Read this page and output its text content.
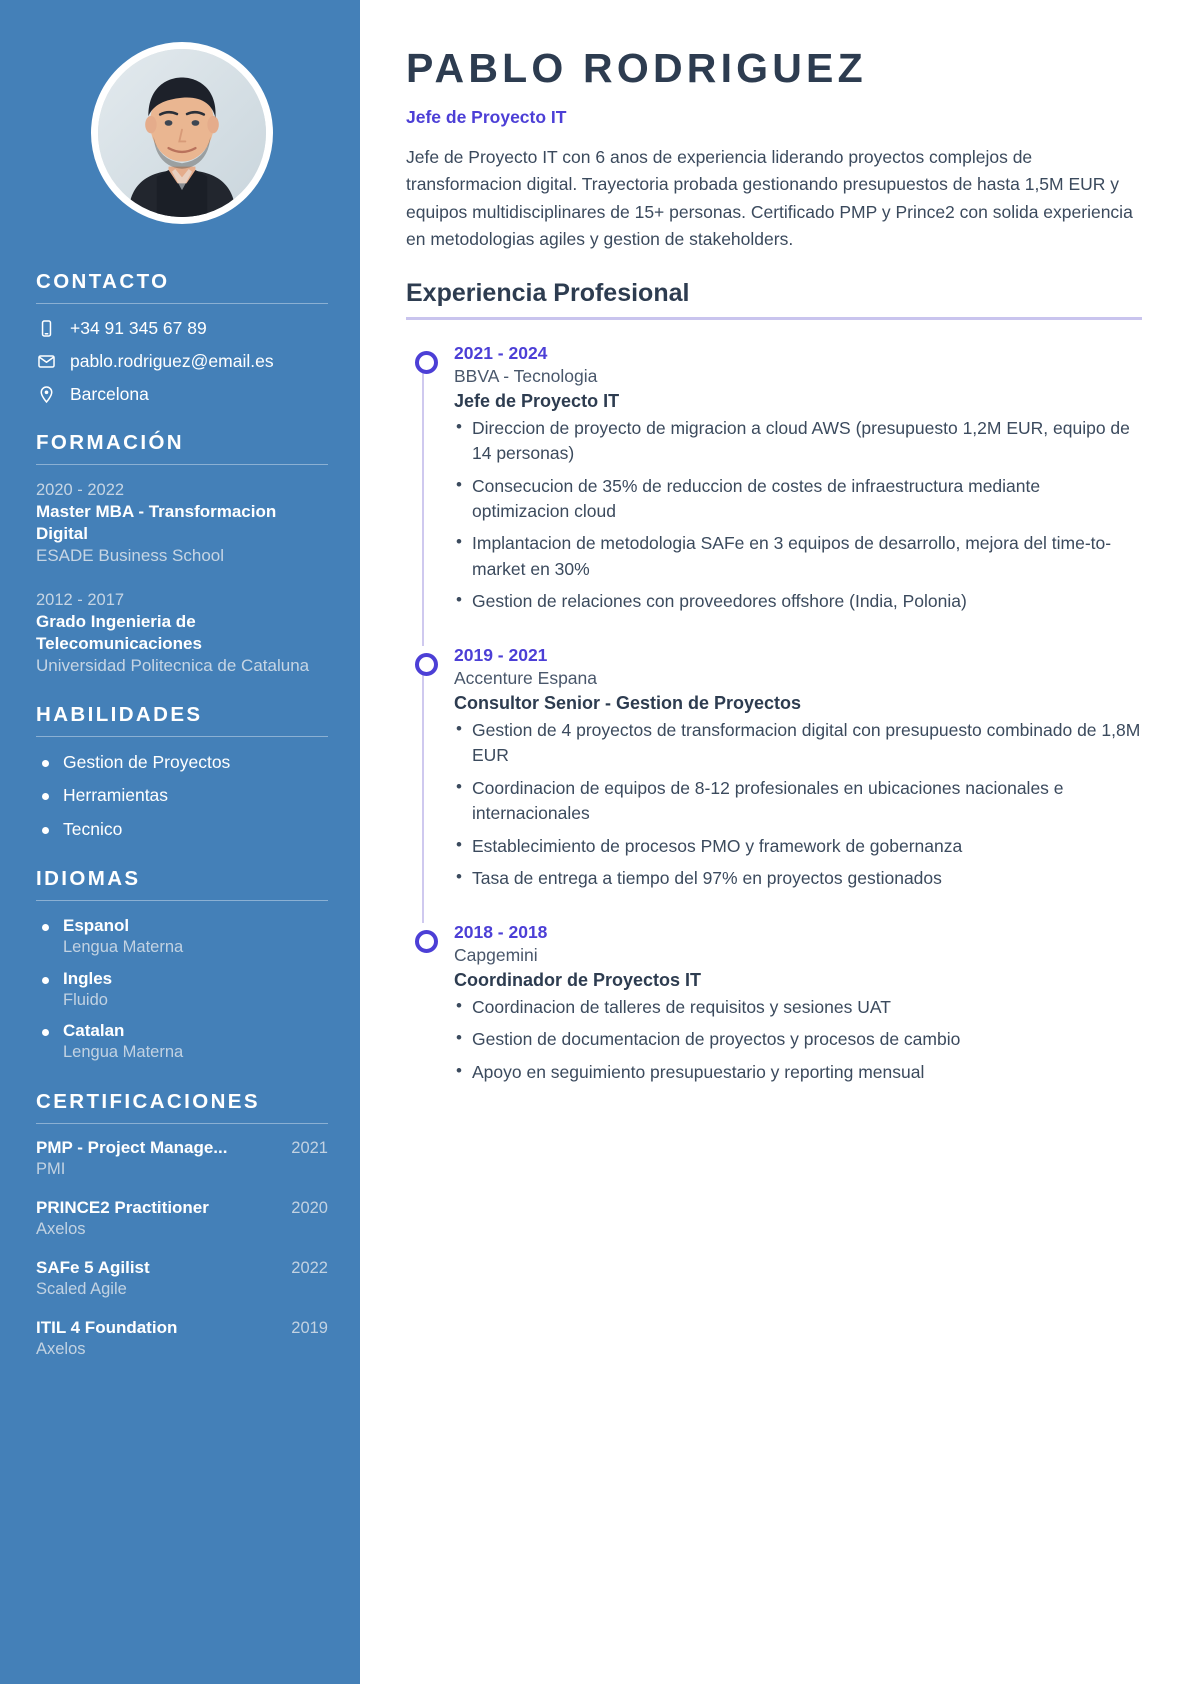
CONTACTO
+34 91 345 67 89
pablo.rodriguez@email.es
Barcelona
FORMACIÓN
2020 - 2022
Master MBA - Transformacion Digital
ESADE Business School
2012 - 2017
Grado Ingenieria de Telecomunicaciones
Universidad Politecnica de Cataluna
HABILIDADES
Gestion de Proyectos
Herramientas
Tecnico
IDIOMAS
Espanol
Lengua Materna
Ingles
Fluido
Catalan
Lengua Materna
CERTIFICACIONES
PMP - Project Manage...	2021
PMI
PRINCE2 Practitioner	2020
Axelos
SAFe 5 Agilist	2022
Scaled Agile
ITIL 4 Foundation	2019
Axelos
PABLO RODRIGUEZ
Jefe de Proyecto IT

Jefe de Proyecto IT con 6 anos de experiencia liderando proyectos complejos de transformacion digital. Trayectoria probada gestionando presupuestos de hasta 1,5M EUR y equipos multidisciplinares de 15+ personas. Certificado PMP y Prince2 con solida experiencia en metodologias agiles y gestion de stakeholders.

Experiencia Profesional
2021 - 2024
BBVA - Tecnologia
Jefe de Proyecto IT
• Direccion de proyecto de migracion a cloud AWS (presupuesto 1,2M EUR, equipo de 14 personas)
• Consecucion de 35% de reduccion de costes de infraestructura mediante optimizacion cloud
• Implantacion de metodologia SAFe en 3 equipos de desarrollo, mejora del time-to-market en 30%
• Gestion de relaciones con proveedores offshore (India, Polonia)
2019 - 2021
Accenture Espana
Consultor Senior - Gestion de Proyectos
• Gestion de 4 proyectos de transformacion digital con presupuesto combinado de 1,8M EUR
• Coordinacion de equipos de 8-12 profesionales en ubicaciones nacionales e internacionales
• Establecimiento de procesos PMO y framework de gobernanza
• Tasa de entrega a tiempo del 97% en proyectos gestionados
2018 - 2018
Capgemini
Coordinador de Proyectos IT
• Coordinacion de talleres de requisitos y sesiones UAT
• Gestion de documentacion de proyectos y procesos de cambio
• Apoyo en seguimiento presupuestario y reporting mensual
